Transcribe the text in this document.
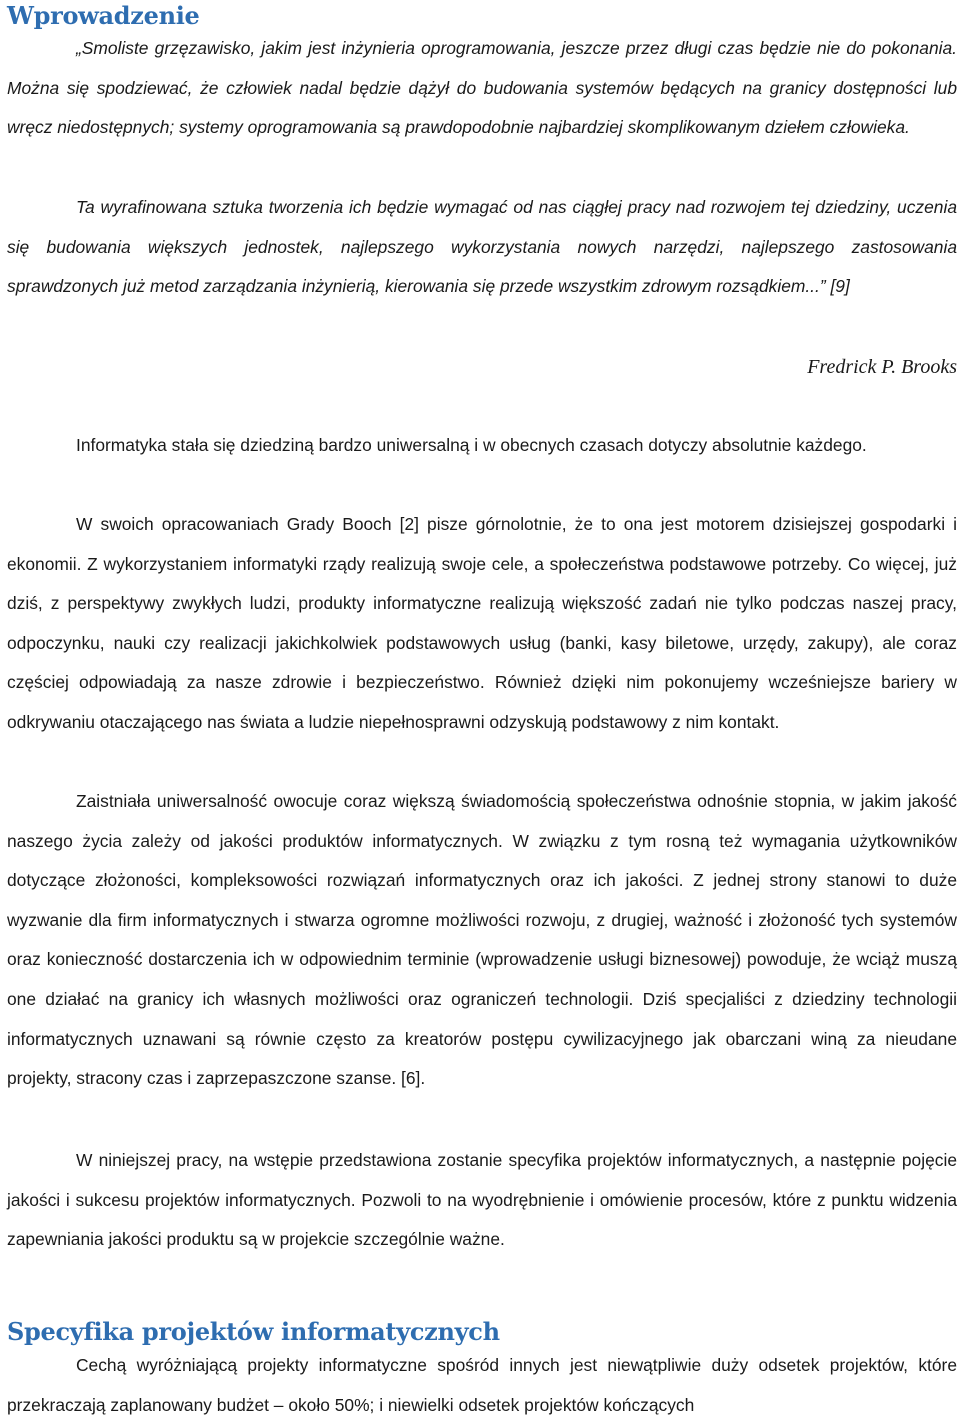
Wprowadzenie

„Smoliste grzęzawisko, jakim jest inżynieria oprogramowania, jeszcze przez długi czas będzie nie do pokonania. Można się spodziewać, że człowiek nadal będzie dążył do budowania systemów będących na granicy dostępności lub wręcz niedostępnych; systemy oprogramowania są prawdopodobnie najbardziej skomplikowanym dziełem człowieka.

Ta wyrafinowana sztuka tworzenia ich będzie wymagać od nas ciągłej pracy nad rozwojem tej dziedziny, uczenia się budowania większych jednostek, najlepszego wykorzystania nowych narzędzi, najlepszego zastosowania sprawdzonych już metod zarządzania inżynierią, kierowania się przede wszystkim zdrowym rozsądkiem...” [9]

Fredrick P. Brooks

Informatyka stała się dziedziną bardzo uniwersalną i w obecnych czasach dotyczy absolutnie każdego.

W swoich opracowaniach Grady Booch [2] pisze górnolotnie, że to ona jest motorem dzisiejszej gospodarki i ekonomii. Z wykorzystaniem informatyki rządy realizują swoje cele, a społeczeństwa podstawowe potrzeby. Co więcej, już dziś, z perspektywy zwykłych ludzi, produkty informatyczne realizują większość zadań nie tylko podczas naszej pracy, odpoczynku, nauki czy realizacji jakichkolwiek podstawowych usług (banki, kasy biletowe, urzędy, zakupy), ale coraz częściej odpowiadają za nasze zdrowie i bezpieczeństwo. Również dzięki nim pokonujemy wcześniejsze bariery w odkrywaniu otaczającego nas świata a ludzie niepełnosprawni odzyskują podstawowy z nim kontakt.

Zaistniała uniwersalność owocuje coraz większą świadomością społeczeństwa odnośnie stopnia, w jakim jakość naszego życia zależy od jakości produktów informatycznych. W związku z tym rosną też wymagania użytkowników dotyczące złożoności, kompleksowości rozwiązań informatycznych oraz ich jakości. Z jednej strony stanowi to duże wyzwanie dla firm informatycznych i stwarza ogromne możliwości rozwoju, z drugiej, ważność i złożoność tych systemów oraz konieczność dostarczenia ich w odpowiednim terminie (wprowadzenie usługi biznesowej) powoduje, że wciąż muszą one działać na granicy ich własnych możliwości oraz ograniczeń technologii. Dziś specjaliści z dziedziny technologii informatycznych uznawani są równie często za kreatorów postępu cywilizacyjnego jak obarczani winą za nieudane projekty, stracony czas i zaprzepaszczone szanse. [6].

W niniejszej pracy, na wstępie przedstawiona zostanie specyfika projektów informatycznych, a następnie pojęcie jakości i sukcesu projektów informatycznych. Pozwoli to na wyodrębnienie i omówienie procesów, które z punktu widzenia zapewniania jakości produktu są w projekcie szczególnie ważne.

Specyfika projektów informatycznych

Cechą wyróżniającą projekty informatyczne spośród innych jest niewątpliwie duży odsetek projektów, które przekraczają zaplanowany budżet – około 50%; i niewielki odsetek projektów kończących
